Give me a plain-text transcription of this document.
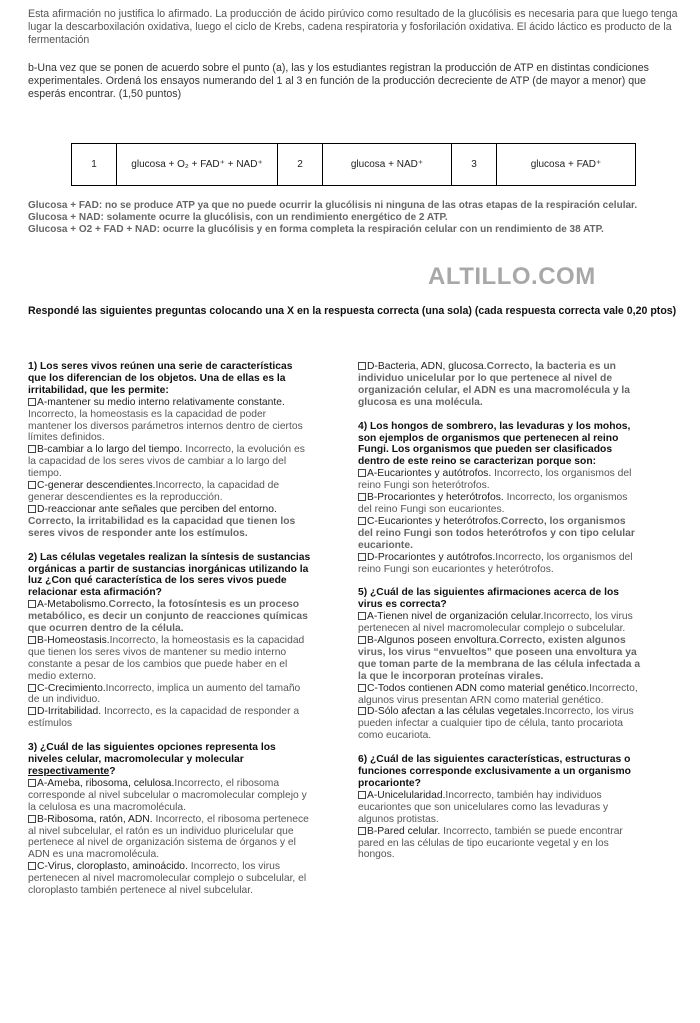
Esta afirmación no justifica lo afirmado. La producción de ácido pirúvico como resultado de la glucólisis es necesaria para que luego tenga lugar la descarboxilación oxidativa, luego el ciclo de Krebs, cadena respiratoria y fosforilación oxidativa. El ácido láctico es producto de la fermentación
b-Una vez que se ponen de acuerdo sobre el punto (a), las y los estudiantes registran la producción de ATP en distintas condiciones experimentales. Ordená los ensayos numerando del 1 al 3 en función de la producción decreciente de ATP (de mayor a menor) que esperás encontrar. (1,50 puntos)
1	glucosa + O₂ + FAD⁺ + NAD⁺	2	glucosa + NAD⁺	3	glucosa + FAD⁺
Glucosa + FAD: no se produce ATP ya que no puede ocurrir la glucólisis ni ninguna de las otras etapas de la respiración celular.
Glucosa + NAD: solamente ocurre la glucólisis, con un rendimiento energético de 2 ATP.
Glucosa + O2 + FAD + NAD: ocurre la glucólisis y en forma completa la respiración celular con un rendimiento de 38 ATP.
ALTILLO.COM
Respondé las siguientes preguntas colocando una X en la respuesta correcta (una sola) (cada respuesta correcta vale 0,20 ptos)
1) Los seres vivos reúnen una serie de características que los diferencian de los objetos. Una de ellas es la irritabilidad, que les permite:
A-mantener su medio interno relativamente constante. Incorrecto, la homeostasis es la capacidad de poder mantener los diversos parámetros internos dentro de ciertos límites definidos.
B-cambiar a lo largo del tiempo. Incorrecto, la evolución es la capacidad de los seres vivos de cambiar a lo largo del tiempo.
C-generar descendientes.Incorrecto, la capacidad de generar descendientes es la reproducción.
D-reaccionar ante señales que perciben del entorno. Correcto, la irritabilidad es la capacidad que tienen los seres vivos de responder ante los estímulos.
2) Las células vegetales realizan la síntesis de sustancias orgánicas a partir de sustancias inorgánicas utilizando la luz ¿Con qué característica de los seres vivos puede relacionar esta afirmación?
A-Metabolismo.Correcto, la fotosíntesis es un proceso metabólico, es decir un conjunto de reacciones químicas que ocurren dentro de la célula.
B-Homeostasis.Incorrecto, la homeostasis es la capacidad que tienen los seres vivos de mantener su medio interno constante a pesar de los cambios que puede haber en el medio externo.
C-Crecimiento.Incorrecto, implica un aumento del tamaño de un individuo.
D-Irritabilidad. Incorrecto, es la capacidad de responder a estímulos
3) ¿Cuál de las siguientes opciones representa los niveles celular, macromolecular y molecular respectivamente?
A-Ameba, ribosoma, celulosa.Incorrecto, el ribosoma corresponde al nivel subcelular o macromolecular complejo y la celulosa es una macromolécula.
B-Ribosoma, ratón, ADN. Incorrecto, el ribosoma pertenece al nivel subcelular, el ratón es un individuo pluricelular que pertenece al nivel de organización sistema de órganos y el ADN es una macromolécula.
C-Virus, cloroplasto, aminoácido. Incorrecto, los virus pertenecen al nivel macromolecular complejo o subcelular, el cloroplasto también pertenece al nivel subcelular.
D-Bacteria, ADN, glucosa.Correcto, la bacteria es un individuo unicelular por lo que pertenece al nivel de organización celular, el ADN es una macromolécula y la glucosa es una molécula.
4) Los hongos de sombrero, las levaduras y los mohos, son ejemplos de organismos que pertenecen al reino Fungi. Los organismos que pueden ser clasificados dentro de este reino se caracterizan porque son:
A-Eucariontes y autótrofos. Incorrecto, los organismos del reino Fungi son heterótrofos.
B-Procariontes y heterótrofos. Incorrecto, los organismos del reino Fungi son eucariontes.
C-Eucariontes y heterótrofos.Correcto, los organismos del reino Fungi son todos heterótrofos y con tipo celular eucarionte.
D-Procariontes y autótrofos.Incorrecto, los organismos del reino Fungi son eucariontes y heterótrofos.
5) ¿Cuál de las siguientes afirmaciones acerca de los virus es correcta?
A-Tienen nivel de organización celular.Incorrecto, los virus pertenecen al nivel macromolecular complejo o subcelular.
B-Algunos poseen envoltura.Correcto, existen algunos virus, los virus “envueltos” que poseen una envoltura ya que toman parte de la membrana de las célula infectada a la que le incorporan proteínas virales.
C-Todos contienen ADN como material genético.Incorrecto, algunos virus presentan ARN como material genético.
D-Sólo afectan a las células vegetales.Incorrecto, los virus pueden infectar a cualquier tipo de célula, tanto procariota como eucariota.
6) ¿Cuál de las siguientes características, estructuras o funciones corresponde exclusivamente a un organismo procarionte?
A-Unicelularidad.Incorrecto, también hay individuos eucariontes que son unicelulares como las levaduras y algunos protistas.
B-Pared celular. Incorrecto, también se puede encontrar pared en las células de tipo eucarionte vegetal y en los hongos.
